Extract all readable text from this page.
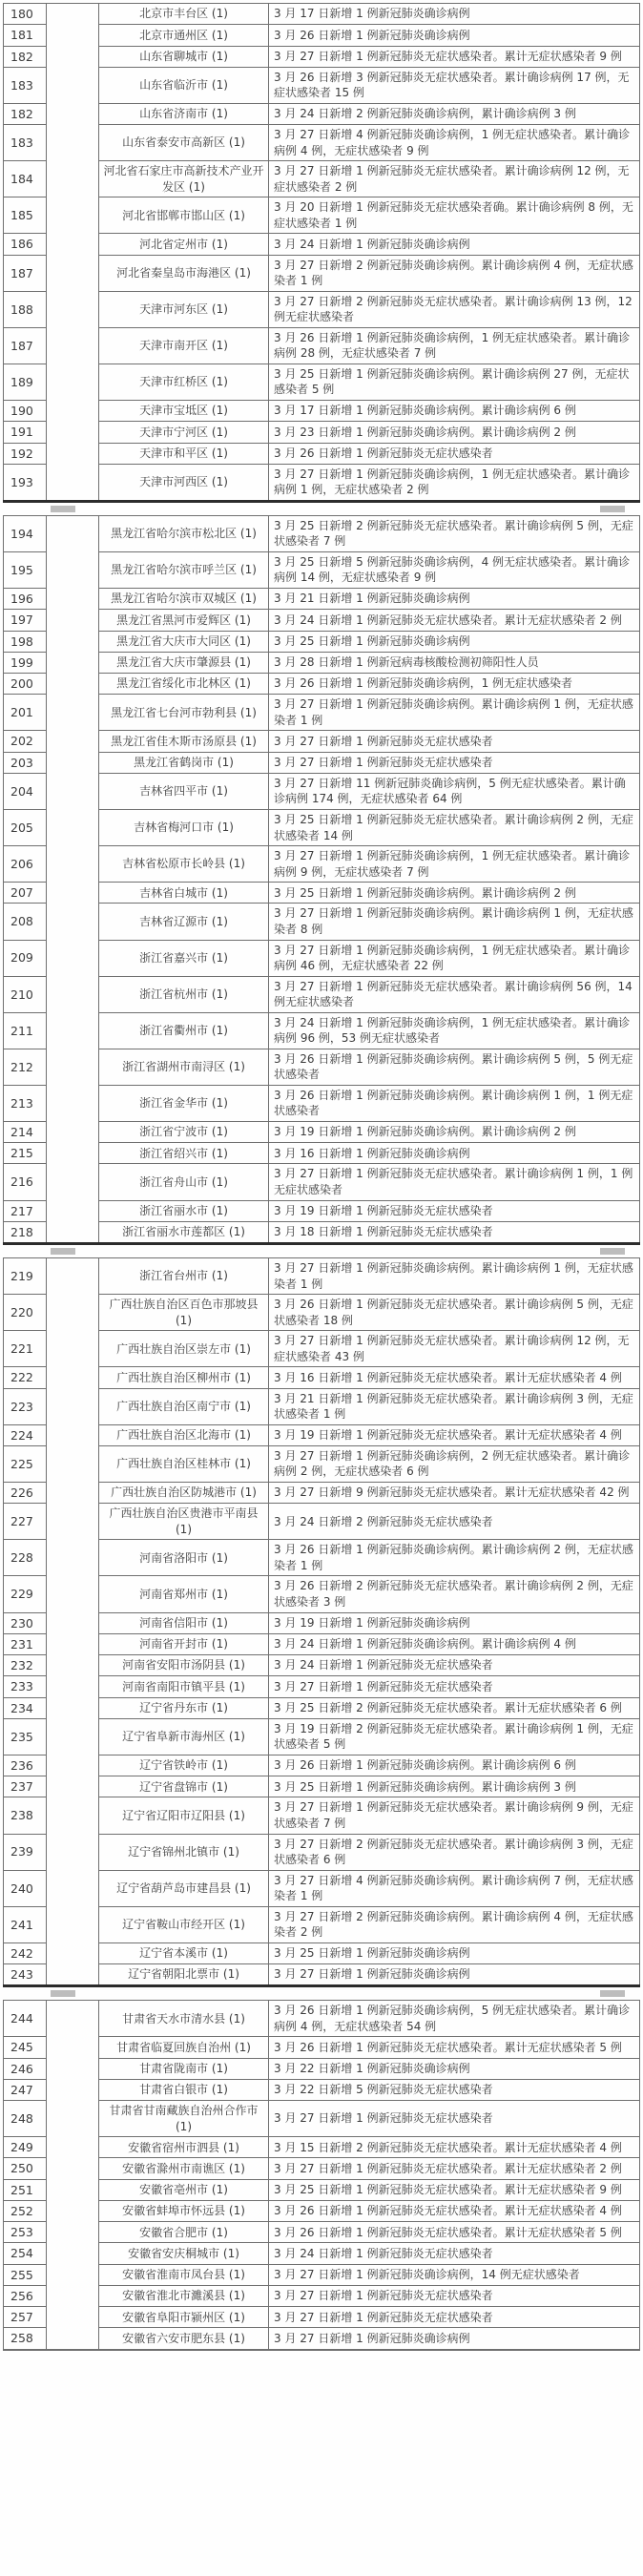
180		北京市丰台区 (1)	3 月 17 日新增 1 例新冠肺炎确诊病例
181		北京市通州区 (1)	3 月 26 日新增 1 例新冠肺炎确诊病例
182		山东省聊城市 (1)	3 月 27 日新增 1 例新冠肺炎无症状感染者。累计无症状感染者 9 例
183		山东省临沂市 (1)	3 月 26 日新增 3 例新冠肺炎无症状感染者。累计确诊病例 17 例，无症状感染者 15 例
182		山东省济南市 (1)	3 月 24 日新增 2 例新冠肺炎确诊病例，累计确诊病例 3 例
183		山东省泰安市高新区 (1)	3 月 27 日新增 4 例新冠肺炎确诊病例，1 例无症状感染者。累计确诊病例 4 例，无症状感染者 9 例
184		河北省石家庄市高新技术产业开发区 (1)	3 月 27 日新增 1 例新冠肺炎无症状感染者。累计确诊病例 12 例，无症状感染者 2 例
185		河北省邯郸市邯山区 (1)	3 月 20 日新增 1 例新冠肺炎无症状感染者确。累计确诊病例 8 例，无症状感染者 1 例
186		河北省定州市 (1)	3 月 24 日新增 1 例新冠肺炎确诊病例
187		河北省秦皇岛市海港区 (1)	3 月 27 日新增 2 例新冠肺炎确诊病例。累计确诊病例 4 例，无症状感染者 1 例
188		天津市河东区 (1)	3 月 27 日新增 2 例新冠肺炎无症状感染者。累计确诊病例 13 例，12 例无症状感染者
187		天津市南开区 (1)	3 月 26 日新增 1 例新冠肺炎确诊病例，1 例无症状感染者。累计确诊病例 28 例，无症状感染者 7 例
189		天津市红桥区 (1)	3 月 25 日新增 1 例新冠肺炎确诊病例。累计确诊病例 27 例，无症状感染者 5 例
190		天津市宝坻区 (1)	3 月 17 日新增 1 例新冠肺炎确诊病例。累计确诊病例 6 例
191		天津市宁河区 (1)	3 月 23 日新增 1 例新冠肺炎确诊病例。累计确诊病例 2 例
192		天津市和平区 (1)	3 月 26 日新增 1 例新冠肺炎无症状感染者
193		天津市河西区 (1)	3 月 27 日新增 1 例新冠肺炎确诊病例，1 例无症状感染者。累计确诊病例 1 例，无症状感染者 2 例
194		黑龙江省哈尔滨市松北区 (1)	3 月 25 日新增 2 例新冠肺炎无症状感染者。累计确诊病例 5 例，无症状感染者 7 例
195		黑龙江省哈尔滨市呼兰区 (1)	3 月 25 日新增 5 例新冠肺炎确诊病例，4 例无症状感染者。累计确诊病例 14 例，无症状感染者 9 例
196		黑龙江省哈尔滨市双城区 (1)	3 月 21 日新增 1 例新冠肺炎确诊病例
197		黑龙江省黑河市爱辉区 (1)	3 月 24 日新增 1 例新冠肺炎无症状感染者。累计无症状感染者 2 例
198		黑龙江省大庆市大同区 (1)	3 月 25 日新增 1 例新冠肺炎确诊病例
199		黑龙江省大庆市肇源县 (1)	3 月 28 日新增 1 例新冠病毒核酸检测初筛阳性人员
200		黑龙江省绥化市北林区 (1)	3 月 26 日新增 1 例新冠肺炎确诊病例，1 例无症状感染者
201		黑龙江省七台河市勃利县 (1)	3 月 27 日新增 1 例新冠肺炎确诊病例。累计确诊病例 1 例，无症状感染者 1 例
202		黑龙江省佳木斯市汤原县 (1)	3 月 27 日新增 1 例新冠肺炎无症状感染者
203		黑龙江省鹤岗市 (1)	3 月 27 日新增 1 例新冠肺炎无症状感染者
204		吉林省四平市 (1)	3 月 27 日新增 11 例新冠肺炎确诊病例，5 例无症状感染者。累计确诊病例 174 例，无症状感染者 64 例
205		吉林省梅河口市 (1)	3 月 25 日新增 1 例新冠肺炎无症状感染者。累计确诊病例 2 例，无症状感染者 14 例
206		吉林省松原市长岭县 (1)	3 月 27 日新增 1 例新冠肺炎确诊病例，1 例无症状感染者。累计确诊病例 9 例，无症状感染者 7 例
207		吉林省白城市 (1)	3 月 25 日新增 1 例新冠肺炎确诊病例。累计确诊病例 2 例
208		吉林省辽源市 (1)	3 月 27 日新增 1 例新冠肺炎确诊病例。累计确诊病例 1 例，无症状感染者 8 例
209		浙江省嘉兴市 (1)	3 月 27 日新增 1 例新冠肺炎确诊病例，1 例无症状感染者。累计确诊病例 46 例，无症状感染者 22 例
210		浙江省杭州市 (1)	3 月 27 日新增 1 例新冠肺炎无症状感染者。累计确诊病例 56 例，14 例无症状感染者
211		浙江省衢州市 (1)	3 月 24 日新增 1 例新冠肺炎确诊病例，1 例无症状感染者。累计确诊病例 96 例，53 例无症状感染者
212		浙江省湖州市南浔区 (1)	3 月 26 日新增 1 例新冠肺炎确诊病例。累计确诊病例 5 例，5 例无症状感染者
213		浙江省金华市 (1)	3 月 26 日新增 1 例新冠肺炎确诊病例。累计确诊病例 1 例，1 例无症状感染者
214		浙江省宁波市 (1)	3 月 19 日新增 1 例新冠肺炎确诊病例。累计确诊病例 2 例
215		浙江省绍兴市 (1)	3 月 16 日新增 1 例新冠肺炎确诊病例
216		浙江省舟山市 (1)	3 月 27 日新增 1 例新冠肺炎无症状感染者。累计确诊病例 1 例，1 例无症状感染者
217		浙江省丽水市 (1)	3 月 19 日新增 1 例新冠肺炎无症状感染者
218		浙江省丽水市莲都区 (1)	3 月 18 日新增 1 例新冠肺炎无症状感染者
219		浙江省台州市 (1)	3 月 27 日新增 1 例新冠肺炎确诊病例。累计确诊病例 1 例，无症状感染者 1 例
220		广西壮族自治区百色市那坡县 (1)	3 月 26 日新增 1 例新冠肺炎无症状感染者。累计确诊病例 5 例，无症状感染者 18 例
221		广西壮族自治区崇左市 (1)	3 月 27 日新增 1 例新冠肺炎无症状感染者。累计确诊病例 12 例，无症状感染者 43 例
222		广西壮族自治区柳州市 (1)	3 月 16 日新增 1 例新冠肺炎无症状感染者。累计无症状感染者 4 例
223		广西壮族自治区南宁市 (1)	3 月 21 日新增 1 例新冠肺炎无症状感染者。累计确诊病例 3 例，无症状感染者 1 例
224		广西壮族自治区北海市 (1)	3 月 19 日新增 1 例新冠肺炎无症状感染者。累计无症状感染者 4 例
225		广西壮族自治区桂林市 (1)	3 月 27 日新增 1 例新冠肺炎确诊病例，2 例无症状感染者。累计确诊病例 2 例，无症状感染者 6 例
226		广西壮族自治区防城港市 (1)	3 月 27 日新增 9 例新冠肺炎无症状感染者。累计无症状感染者 42 例
227		广西壮族自治区贵港市平南县 (1)	3 月 24 日新增 2 例新冠肺炎无症状感染者
228		河南省洛阳市 (1)	3 月 26 日新增 1 例新冠肺炎确诊病例。累计确诊病例 2 例，无症状感染者 1 例
229		河南省郑州市 (1)	3 月 26 日新增 2 例新冠肺炎无症状感染者。累计确诊病例 2 例，无症状感染者 3 例
230		河南省信阳市 (1)	3 月 19 日新增 1 例新冠肺炎确诊病例
231		河南省开封市 (1)	3 月 24 日新增 1 例新冠肺炎确诊病例。累计确诊病例 4 例
232		河南省安阳市汤阴县 (1)	3 月 24 日新增 1 例新冠肺炎无症状感染者
233		河南省南阳市镇平县 (1)	3 月 27 日新增 1 例新冠肺炎无症状感染者
234		辽宁省丹东市 (1)	3 月 25 日新增 2 例新冠肺炎无症状感染者。累计无症状感染者 6 例
235		辽宁省阜新市海州区 (1)	3 月 19 日新增 2 例新冠肺炎无症状感染者。累计确诊病例 1 例，无症状感染者 5 例
236		辽宁省铁岭市 (1)	3 月 26 日新增 1 例新冠肺炎确诊病例。累计确诊病例 6 例
237		辽宁省盘锦市 (1)	3 月 25 日新增 1 例新冠肺炎确诊病例。累计确诊病例 3 例
238		辽宁省辽阳市辽阳县 (1)	3 月 27 日新增 1 例新冠肺炎无症状感染者。累计确诊病例 9 例，无症状感染者 7 例
239		辽宁省锦州北镇市 (1)	3 月 27 日新增 2 例新冠肺炎无症状感染者。累计确诊病例 3 例，无症状感染者 6 例
240		辽宁省葫芦岛市建昌县 (1)	3 月 27 日新增 4 例新冠肺炎确诊病例。累计确诊病例 7 例，无症状感染者 1 例
241		辽宁省鞍山市经开区 (1)	3 月 27 日新增 2 例新冠肺炎确诊病例。累计确诊病例 4 例，无症状感染者 2 例
242		辽宁省本溪市 (1)	3 月 25 日新增 1 例新冠肺炎确诊病例
243		辽宁省朝阳北票市 (1)	3 月 27 日新增 1 例新冠肺炎确诊病例
244		甘肃省天水市清水县 (1)	3 月 26 日新增 1 例新冠肺炎确诊病例，5 例无症状感染者。累计确诊病例 4 例，无症状感染者 54 例
245		甘肃省临夏回族自治州 (1)	3 月 26 日新增 1 例新冠肺炎无症状感染者。累计无症状感染者 5 例
246		甘肃省陇南市 (1)	3 月 22 日新增 1 例新冠肺炎确诊病例
247		甘肃省白银市 (1)	3 月 22 日新增 5 例新冠肺炎无症状感染者
248		甘肃省甘南藏族自治州合作市 (1)	3 月 27 日新增 1 例新冠肺炎无症状感染者
249		安徽省宿州市泗县 (1)	3 月 15 日新增 2 例新冠肺炎无症状感染者。累计无症状感染者 4 例
250		安徽省滁州市南谯区 (1)	3 月 27 日新增 1 例新冠肺炎无症状感染者。累计无症状感染者 2 例
251		安徽省亳州市 (1)	3 月 25 日新增 1 例新冠肺炎无症状感染者。累计无症状感染者 9 例
252		安徽省蚌埠市怀远县 (1)	3 月 26 日新增 1 例新冠肺炎无症状感染者。累计无症状感染者 4 例
253		安徽省合肥市 (1)	3 月 26 日新增 1 例新冠肺炎无症状感染者。累计无症状感染者 5 例
254		安徽省安庆桐城市 (1)	3 月 24 日新增 1 例新冠肺炎无症状感染者
255		安徽省淮南市凤台县 (1)	3 月 27 日新增 1 例新冠肺炎确诊病例，14 例无症状感染者
256		安徽省淮北市濉溪县 (1)	3 月 27 日新增 1 例新冠肺炎无症状感染者
257		安徽省阜阳市颍州区 (1)	3 月 27 日新增 1 例新冠肺炎无症状感染者
258		安徽省六安市肥东县 (1)	3 月 27 日新增 1 例新冠肺炎确诊病例
